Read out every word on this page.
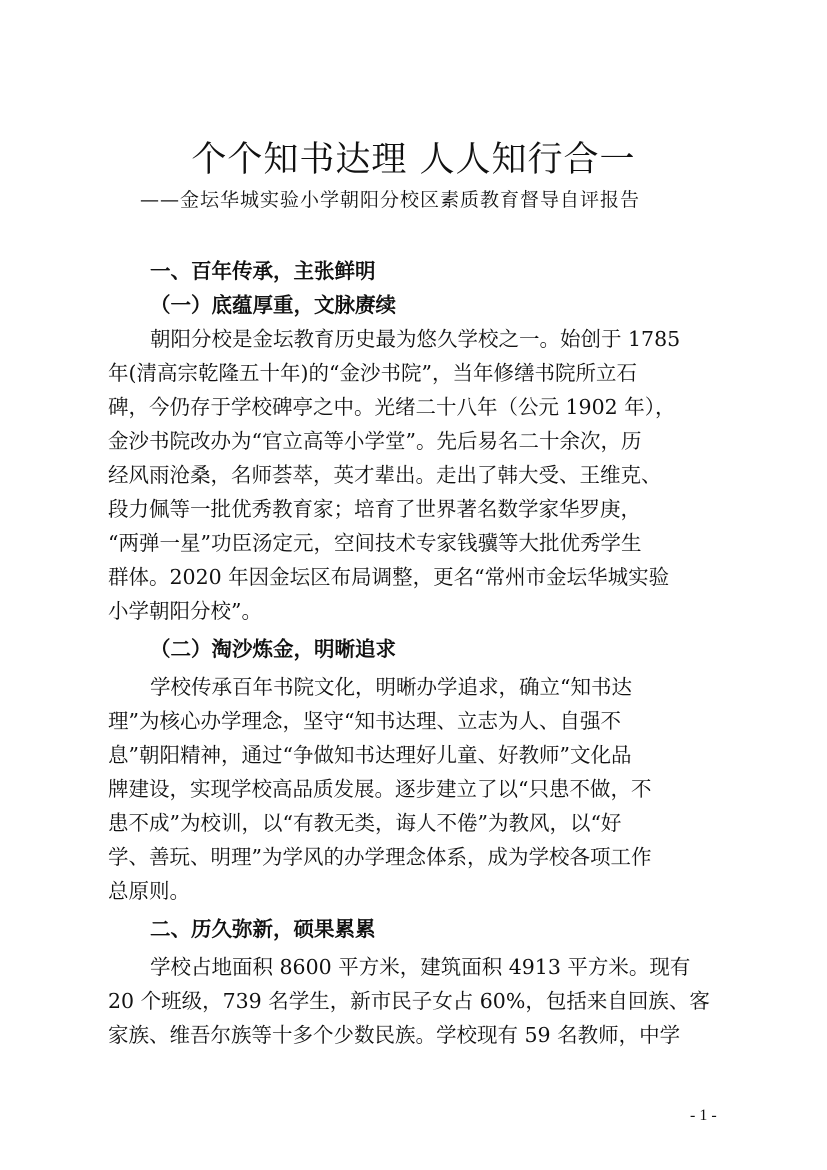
个个知书达理 人人知行合一
——金坛华城实验小学朝阳分校区素质教育督导自评报告
一、百年传承，主张鲜明
（一）底蕴厚重，文脉赓续
朝阳分校是金坛教育历史最为悠久学校之一。始创于 1785
年(清高宗乾隆五十年)的“金沙书院”，当年修缮书院所立石
碑，今仍存于学校碑亭之中。光绪二十八年（公元 1902 年），
金沙书院改办为“官立高等小学堂”。先后易名二十余次，历
经风雨沧桑，名师荟萃，英才辈出。走出了韩大受、王维克、
段力佩等一批优秀教育家；培育了世界著名数学家华罗庚，
“两弹一星”功臣汤定元，空间技术专家钱骥等大批优秀学生
群体。2020 年因金坛区布局调整，更名“常州市金坛华城实验
小学朝阳分校”。
（二）淘沙炼金，明晰追求
学校传承百年书院文化，明晰办学追求，确立“知书达
理”为核心办学理念，坚守“知书达理、立志为人、自强不
息”朝阳精神，通过“争做知书达理好儿童、好教师”文化品
牌建设，实现学校高品质发展。逐步建立了以“只患不做，不
患不成”为校训，以“有教无类，诲人不倦”为教风，以“好
学、善玩、明理”为学风的办学理念体系，成为学校各项工作
总原则。
二、历久弥新，硕果累累
学校占地面积 8600 平方米，建筑面积 4913 平方米。现有
20 个班级，739 名学生，新市民子女占 60%，包括来自回族、客
家族、维吾尔族等十多个少数民族。学校现有 59 名教师，中学
- 1 -
